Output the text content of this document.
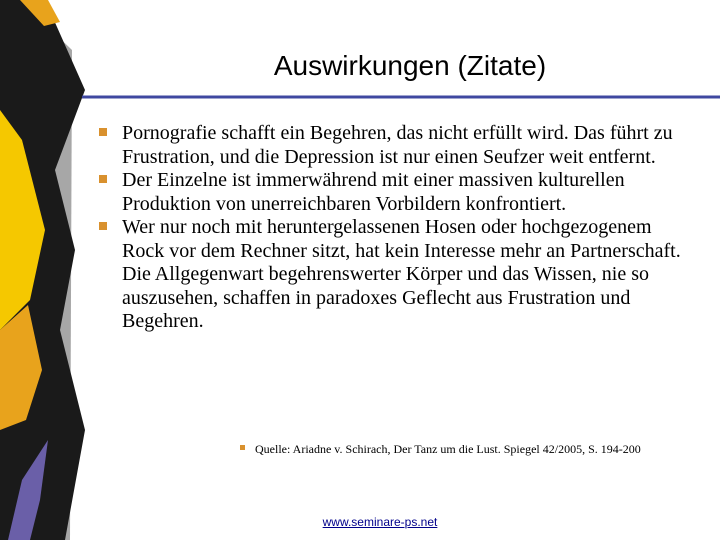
Auswirkungen (Zitate)
Pornografie schafft ein Begehren, das nicht erfüllt wird. Das führt zu Frustration, und die Depression ist nur einen Seufzer weit entfernt.
Der Einzelne ist immerwährend mit einer massiven kulturellen Produktion von unerreichbaren Vorbildern konfrontiert.
Wer nur noch mit heruntergelassenen Hosen oder hochgezogenem Rock vor dem Rechner sitzt, hat kein Interesse mehr an Partnerschaft. Die Allgegenwart begehrenswerter Körper und das Wissen, nie so auszusehen, schaffen in paradoxes Geflecht aus Frustration und Begehren.
Quelle: Ariadne v. Schirach, Der Tanz um die Lust. Spiegel 42/2005, S. 194-200
www.seminare-ps.net
